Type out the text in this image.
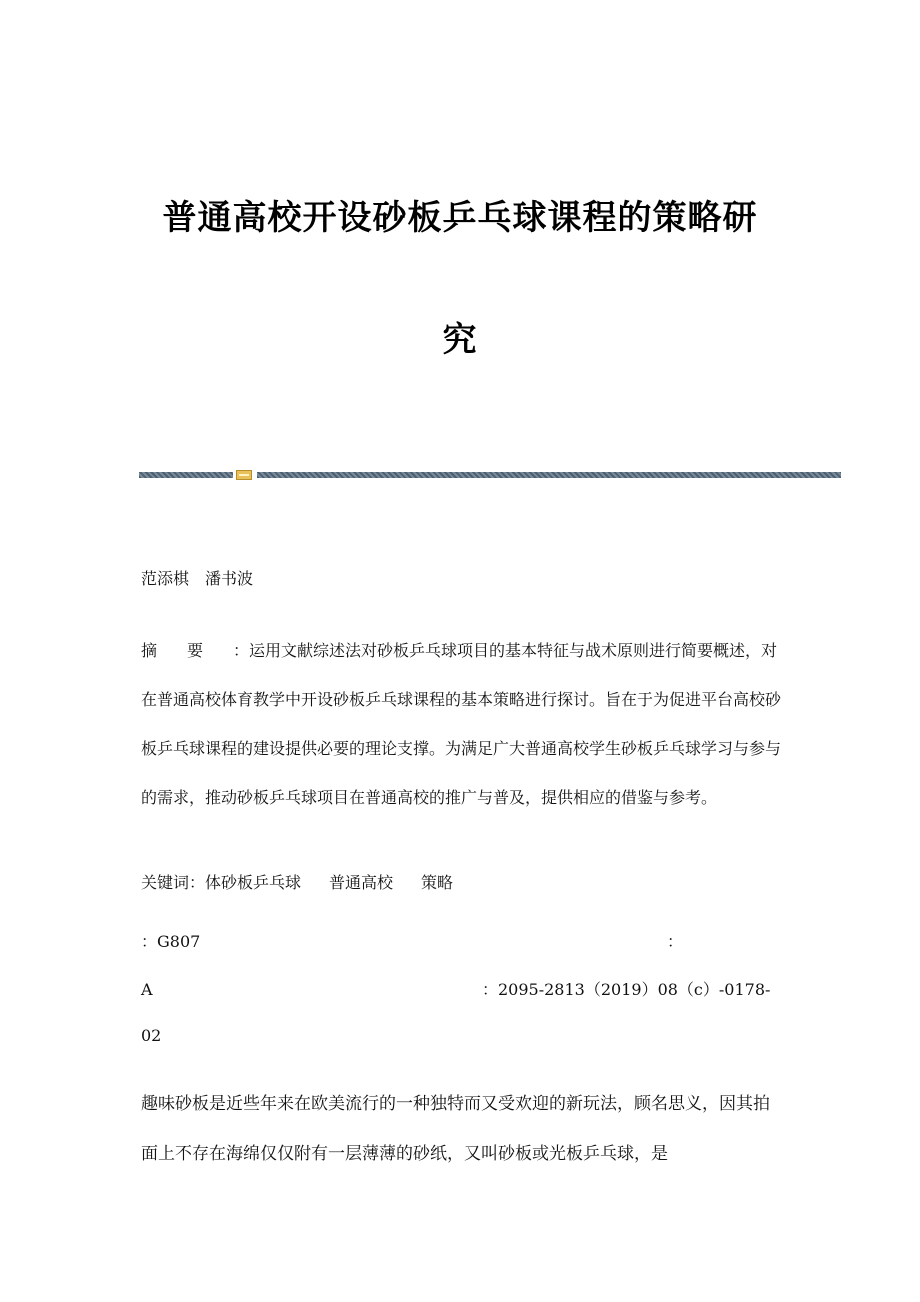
普通高校开设砂板乒乓球课程的策略研
究

范添棋　潘书波

摘要：运用文献综述法对砂板乒乓球项目的基本特征与战术原则进行简要概述，对在普通高校体育教学中开设砂板乒乓球课程的基本策略进行探讨。旨在于为促进平台高校砂板乒乓球课程的建设提供必要的理论支撑。为满足广大普通高校学生砂板乒乓球学习与参与的需求，推动砂板乒乓球项目在普通高校的推广与普及，提供相应的借鉴与参考。

关键词：体砂板乒乓球 普通高校 策略

：G807	：

A	：2095-2813（2019）08（c）-0178-

02

趣味砂板是近些年来在欧美流行的一种独特而又受欢迎的新玩法，顾名思义，因其拍面上不存在海绵仅仅附有一层薄薄的砂纸，又叫砂板或光板乒乓球，是
